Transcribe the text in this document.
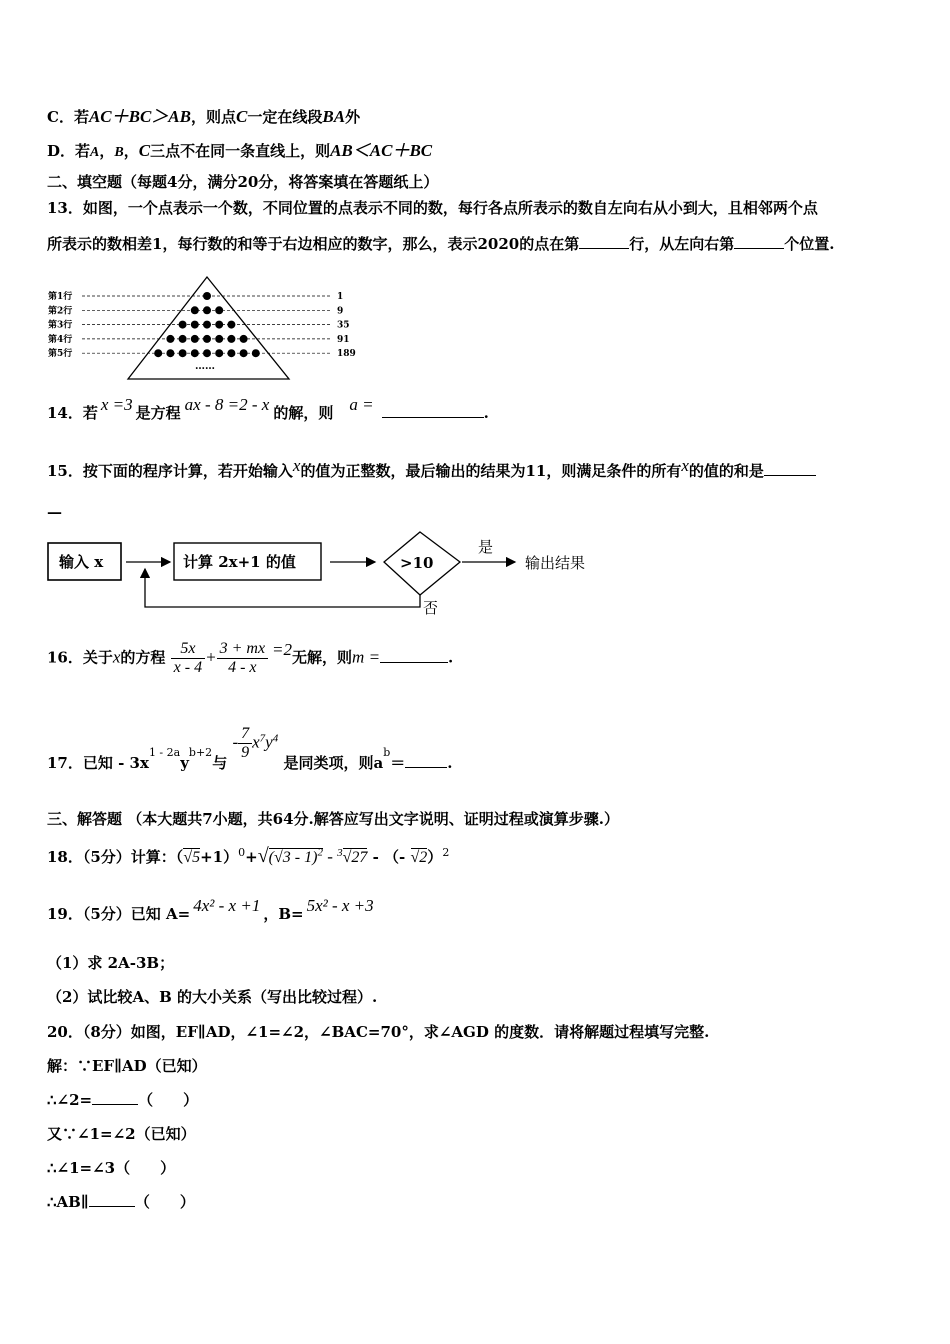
C．若AC＋BC＞AB，则点C一定在线段BA外
D．若A，B，C三点不在同一条直线上，则AB＜AC＋BC
二、填空题（每题4分，满分20分，将答案填在答题纸上）
13．如图，一个点表示一个数，不同位置的点表示不同的数，每行各点所表示的数自左向右从小到大，且相邻两个点
所表示的数相差1，每行数的和等于右边相应的数字，那么，表示2020的点在第	行，从左向右第	个位置.
第1行	1
第2行	9
第3行	35
第4行	91
第5行	189
……
14．若 x =3 是方程 ax - 8 =2 - x 的解，则 a =	.
15．按下面的程序计算，若开始输入x的值为正整数，最后输出的结果为11，则满足条件的所有x的值的和是
—
输入 x	计算 2x+1 的值	>10
是
输出结果
否
16．关于x的方程 $\frac{5x}{x - 4} + \frac{3 + mx}{4 - x} =2$无解，则m =	.
17．已知 - $3x^{1 - 2a}y^{b+2}$与 - $\frac{7}{9} x^7y^4$ 是同类项，则$a^b=$	.
三、解答题 （本大题共7小题，共64分.解答应写出文字说明、证明过程或演算步骤.）
18．（5分）计算：$(√5+1)^0+√(√3 - 1)^2 - ^3√27$ - （- √2）$^2$
19．（5分）已知 A= 4x² - x +1 ，B= 5x² - x +3
（1）求 2A-3B；
（2）试比较A、B 的大小关系（写出比较过程）.
20．（8分）如图，EF∥AD，∠1=∠2，∠BAC=70°，求∠AGD 的度数．请将解题过程填写完整.
解：∵EF∥AD（已知）
∴∠2=	（　　）
又∵∠1=∠2（已知）
∴∠1=∠3（　　）
∴AB∥	（　　）
